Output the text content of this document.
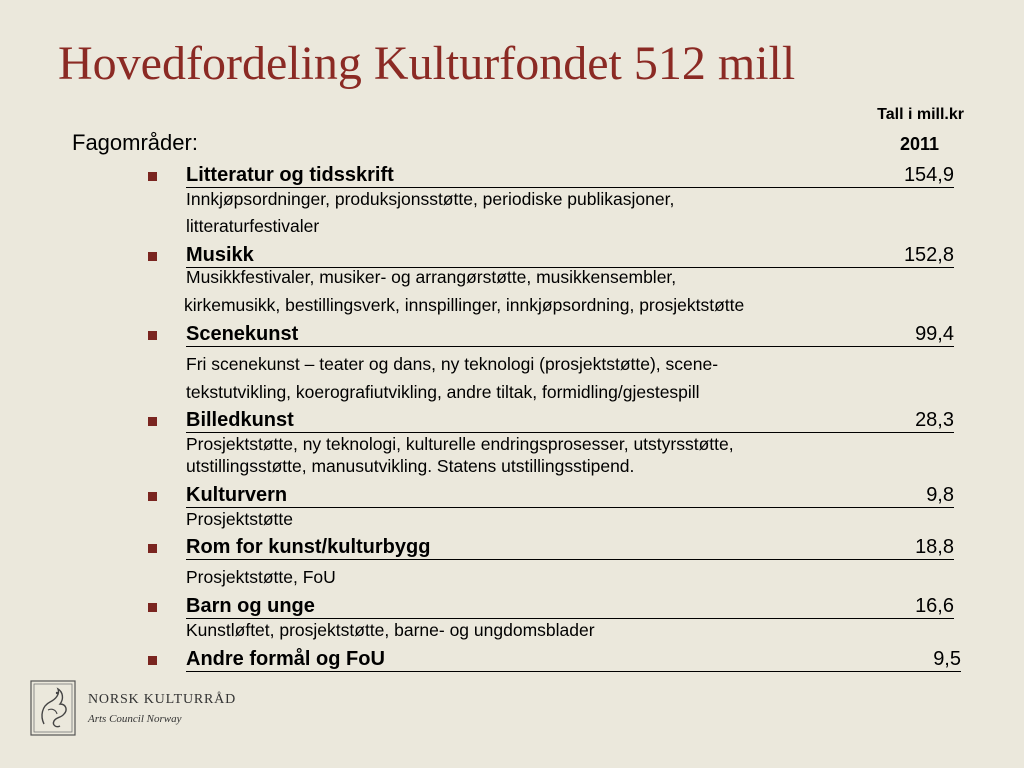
Hovedfordeling Kulturfondet 512 mill
Tall i mill.kr
Fagområder:	2011
Litteratur og tidsskrift	154,9
Innkjøpsordninger, produksjonsstøtte, periodiske publikasjoner,
litteraturfestivaler
Musikk	152,8
Musikkfestivaler, musiker- og arrangørstøtte, musikkensembler,
kirkemusikk, bestillingsverk, innspillinger, innkjøpsordning, prosjektstøtte
Scenekunst	99,4
Fri scenekunst – teater og dans, ny teknologi (prosjektstøtte), scene-
tekstutvikling, koerografiutvikling, andre tiltak, formidling/gjestespill
Billedkunst	28,3
Prosjektstøtte, ny teknologi, kulturelle endringsprosesser, utstyrsstøtte,
utstillingsstøtte, manusutvikling. Statens utstillingsstipend.
Kulturvern	9,8
Prosjektstøtte
Rom for kunst/kulturbygg	18,8
Prosjektstøtte, FoU
Barn og unge	16,6
Kunstløftet, prosjektstøtte, barne- og ungdomsblader
Andre formål og FoU	9,5
NORSK KULTURRÅD
Arts Council Norway
